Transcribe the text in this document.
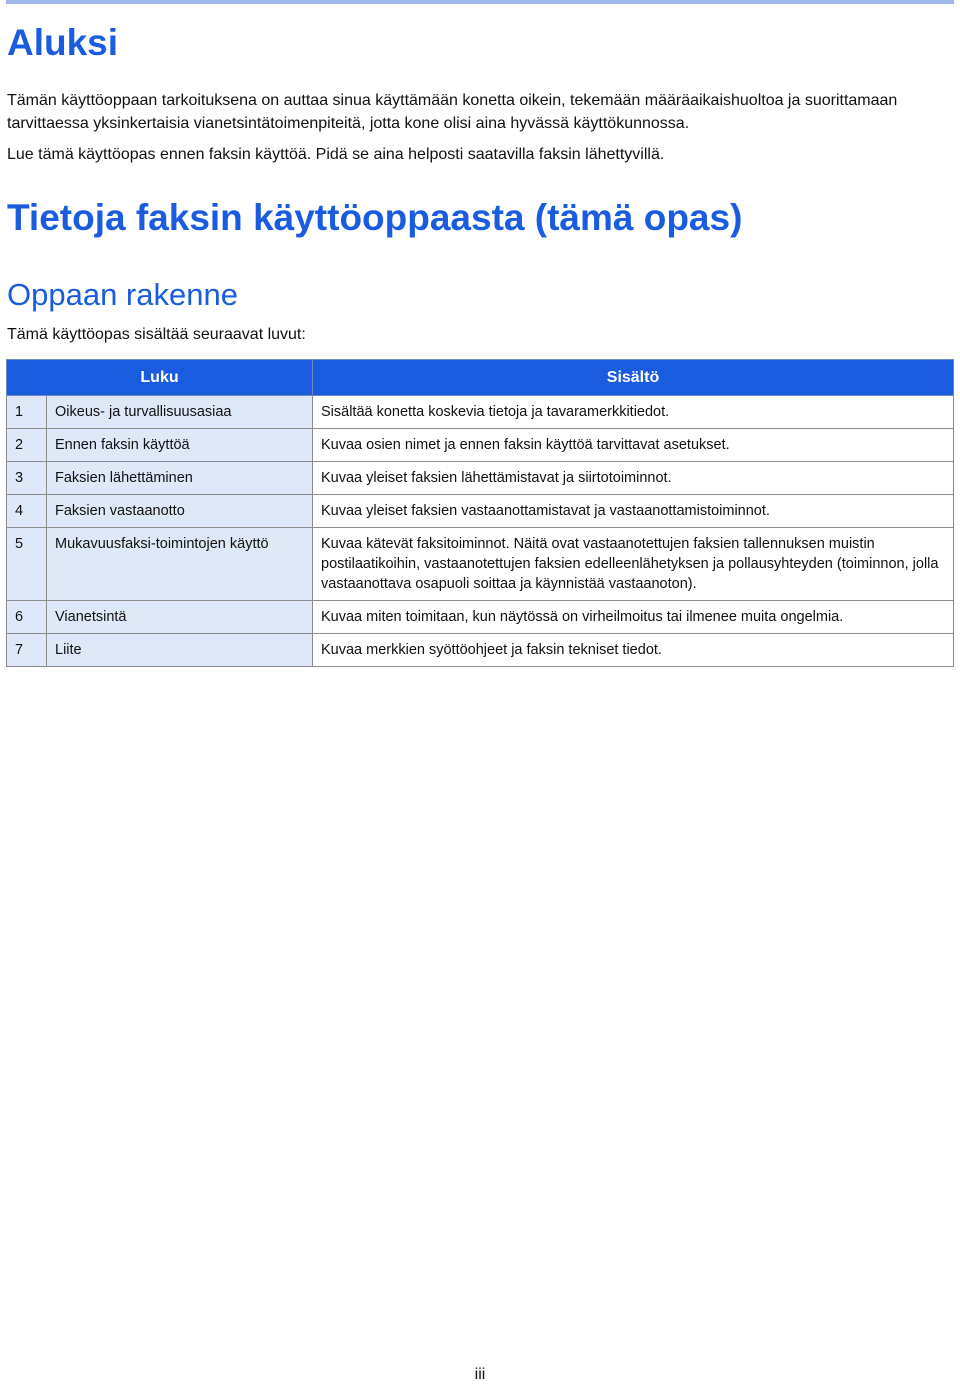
Aluksi

Tämän käyttöoppaan tarkoituksena on auttaa sinua käyttämään konetta oikein, tekemään määräaikaishuoltoa ja suorittamaan tarvittaessa yksinkertaisia vianetsintätoimenpiteitä, jotta kone olisi aina hyvässä käyttökunnossa.

Lue tämä käyttöopas ennen faksin käyttöä. Pidä se aina helposti saatavilla faksin lähettyvillä.

Tietoja faksin käyttöoppaasta (tämä opas)
Oppaan rakenne

Tämä käyttöopas sisältää seuraavat luvut:

Luku		Sisältö
1	Oikeus- ja turvallisuusasiaa	Sisältää konetta koskevia tietoja ja tavaramerkkitiedot.
2	Ennen faksin käyttöä	Kuvaa osien nimet ja ennen faksin käyttöä tarvittavat asetukset.
3	Faksien lähettäminen	Kuvaa yleiset faksien lähettämistavat ja siirtotoiminnot.
4	Faksien vastaanotto	Kuvaa yleiset faksien vastaanottamistavat ja vastaanottamistoiminnot.
5	Mukavuusfaksi-toimintojen käyttö	Kuvaa kätevät faksitoiminnot. Näitä ovat vastaanotettujen faksien tallennuksen muistin postilaatikoihin, vastaanotettujen faksien edelleenlähetyksen ja pollausyhteyden (toiminnon, jolla vastaanottava osapuoli soittaa ja käynnistää vastaanoton).
6	Vianetsintä	Kuvaa miten toimitaan, kun näytössä on virheilmoitus tai ilmenee muita ongelmia.
7	Liite	Kuvaa merkkien syöttöohjeet ja faksin tekniset tiedot.
iii
